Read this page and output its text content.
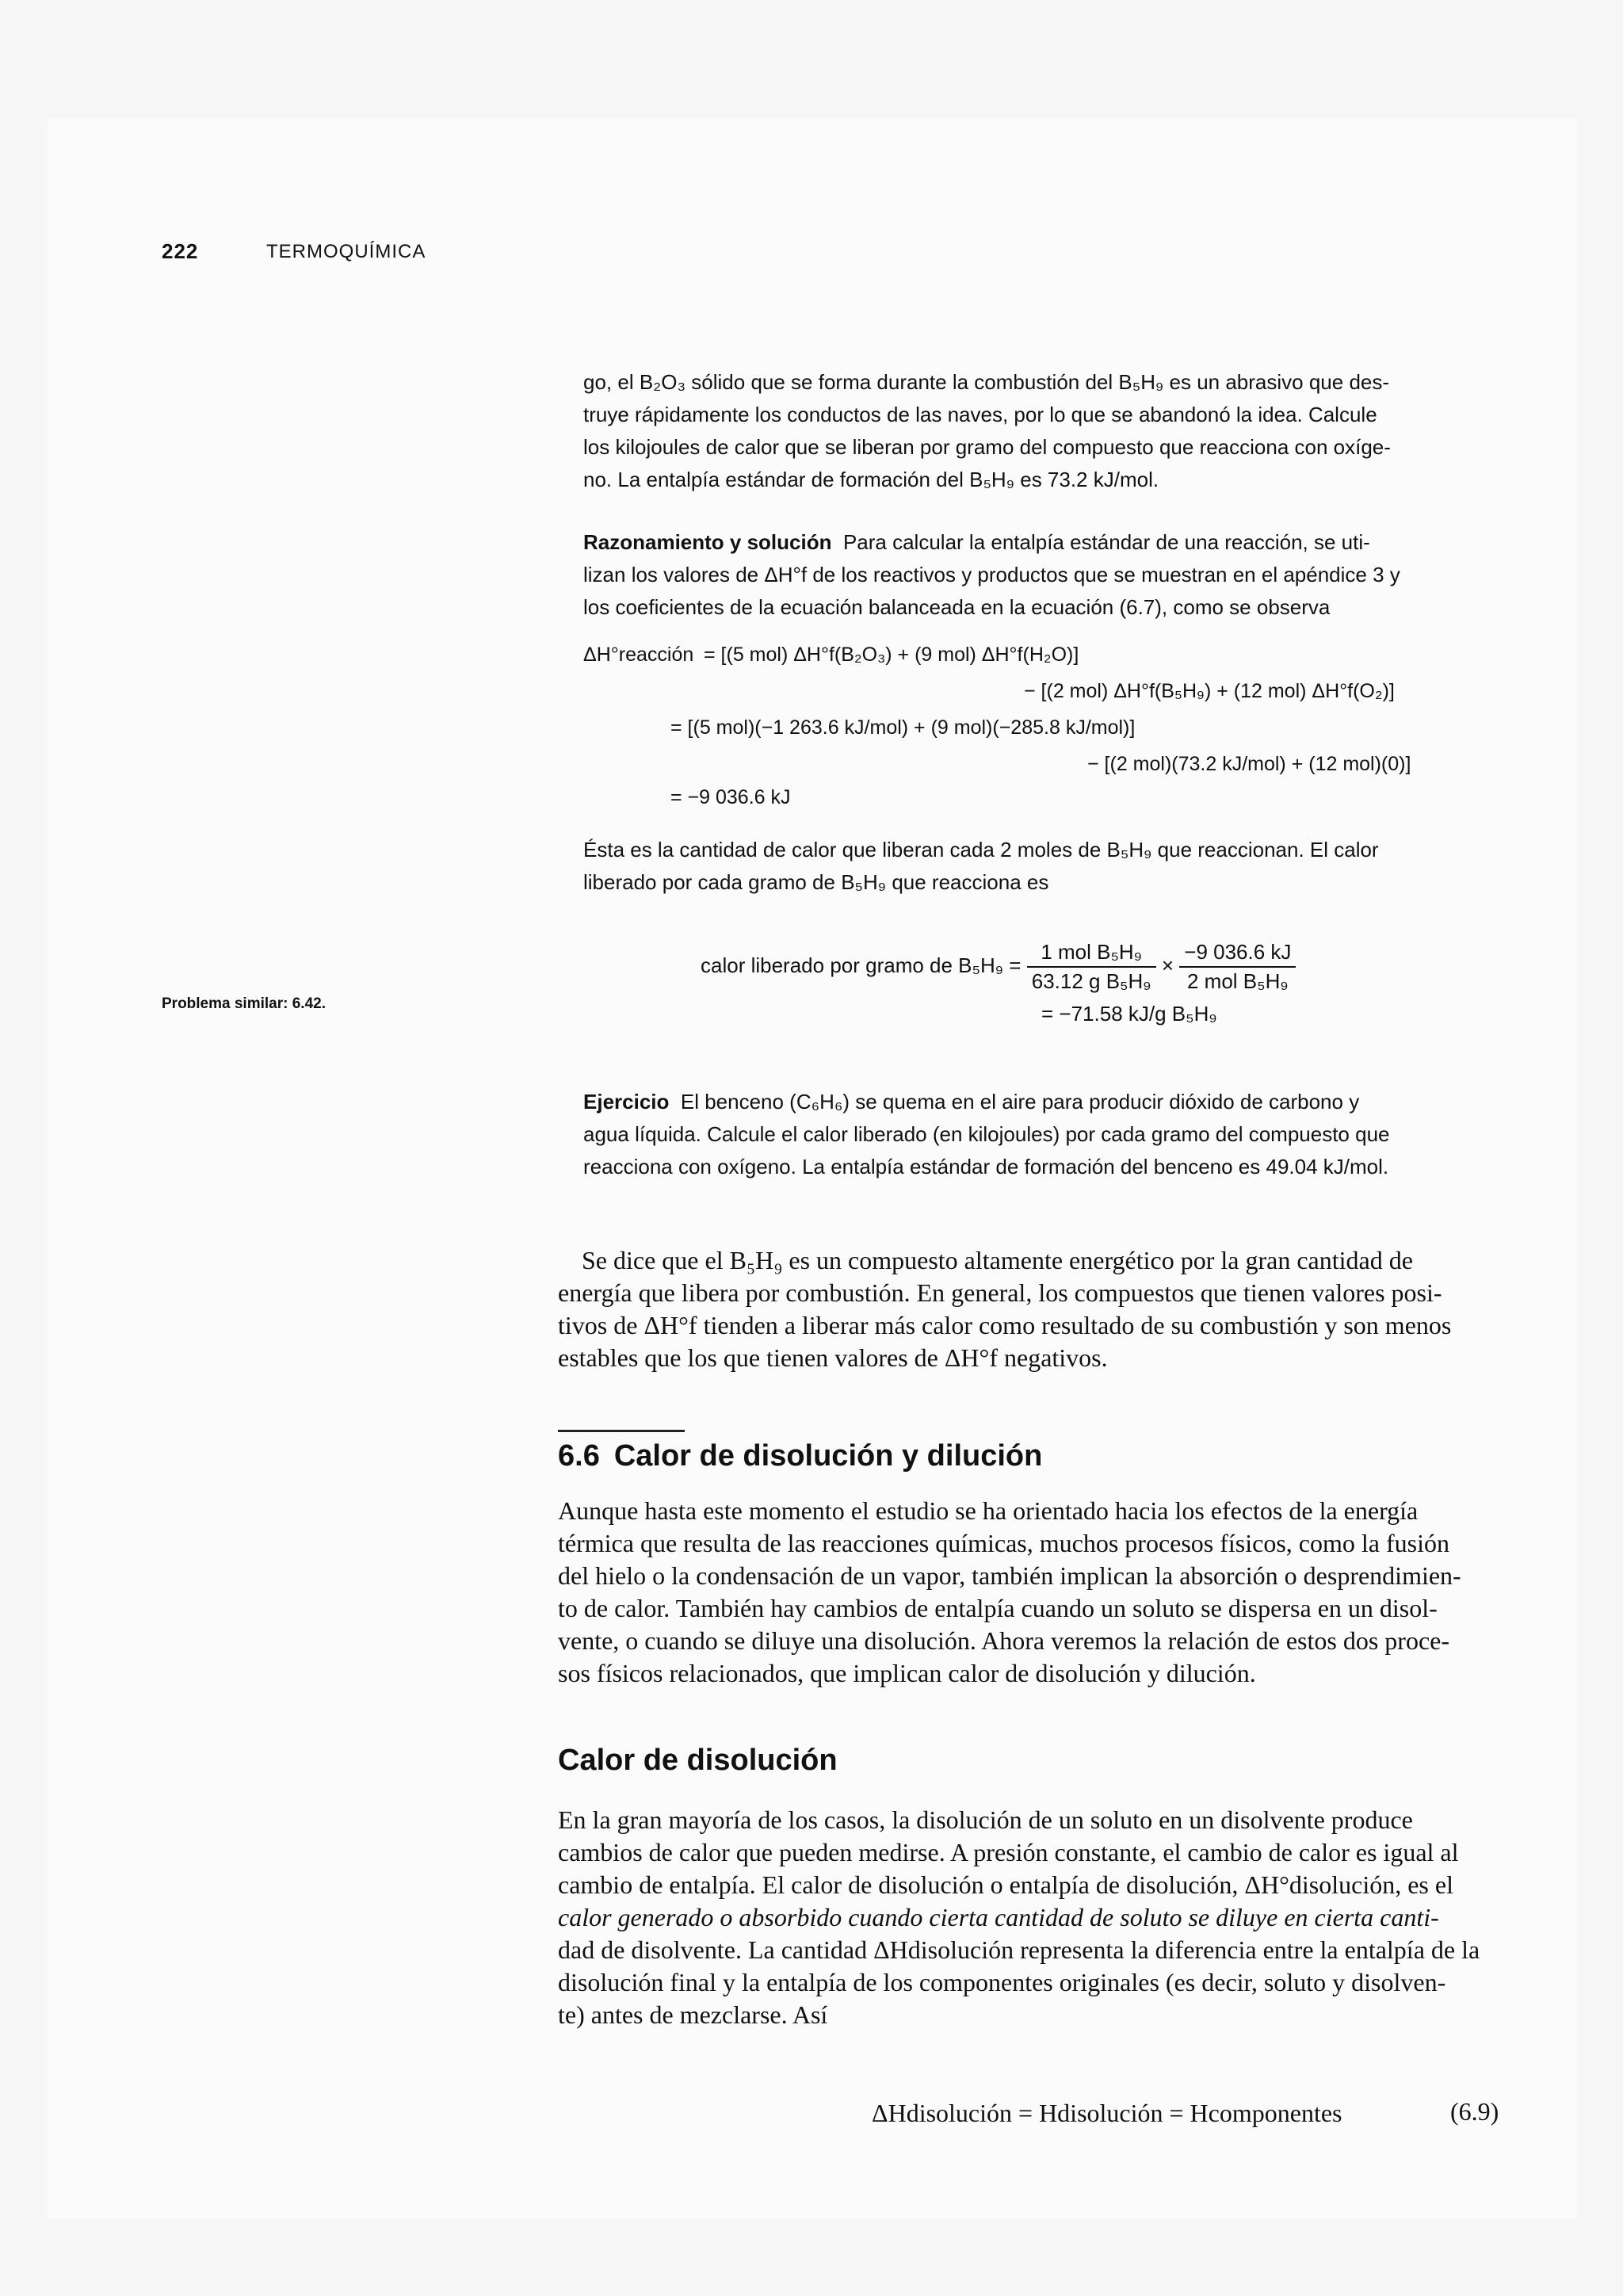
222	TERMOQUÍMICA
go, el B₂O₃ sólido que se forma durante la combustión del B₅H₉ es un abrasivo que des-
truye rápidamente los conductos de las naves, por lo que se abandonó la idea. Calcule
los kilojoules de calor que se liberan por gramo del compuesto que reacciona con oxíge-
no. La entalpía estándar de formación del B₅H₉ es 73.2 kJ/mol.
Razonamiento y solución Para calcular la entalpía estándar de una reacción, se uti-
lizan los valores de ΔH°f de los reactivos y productos que se muestran en el apéndice 3 y
los coeficientes de la ecuación balanceada en la ecuación (6.7), como se observa
ΔH°reacción = [(5 mol) ΔH°f(B₂O₃) + (9 mol) ΔH°f(H₂O)]
− [(2 mol) ΔH°f(B₅H₉) + (12 mol) ΔH°f(O₂)]
= [(5 mol)(−1 263.6 kJ/mol) + (9 mol)(−285.8 kJ/mol)]
− [(2 mol)(73.2 kJ/mol) + (12 mol)(0)]
= −9 036.6 kJ
Ésta es la cantidad de calor que liberan cada 2 moles de B₅H₉ que reaccionan. El calor
liberado por cada gramo de B₅H₉ que reacciona es
calor liberado por gramo de $B_5H_9 = \frac{\text{1 mol B₅H₉}}{\text{63.12 g B₅H₉}} \times \frac{-9 036.6 kJ}{\text{2 mol B₅H₉}}$
= −71.58 kJ/g B₅H₉
Problema similar: 6.42.
Ejercicio El benceno (C₆H₆) se quema en el aire para producir dióxido de carbono y
agua líquida. Calcule el calor liberado (en kilojoules) por cada gramo del compuesto que
reacciona con oxígeno. La entalpía estándar de formación del benceno es 49.04 kJ/mol.
Se dice que el B₅H₉ es un compuesto altamente energético por la gran cantidad de
energía que libera por combustión. En general, los compuestos que tienen valores posi-
tivos de ΔH°f tienden a liberar más calor como resultado de su combustión y son menos
estables que los que tienen valores de ΔH°f negativos.
6.6 Calor de disolución y dilución
Aunque hasta este momento el estudio se ha orientado hacia los efectos de la energía
térmica que resulta de las reacciones químicas, muchos procesos físicos, como la fusión
del hielo o la condensación de un vapor, también implican la absorción o desprendimien-
to de calor. También hay cambios de entalpía cuando un soluto se dispersa en un disol-
vente, o cuando se diluye una disolución. Ahora veremos la relación de estos dos proce-
sos físicos relacionados, que implican calor de disolución y dilución.
Calor de disolución
En la gran mayoría de los casos, la disolución de un soluto en un disolvente produce
cambios de calor que pueden medirse. A presión constante, el cambio de calor es igual al
cambio de entalpía. El calor de disolución o entalpía de disolución, ΔH°disolución, es el
calor generado o absorbido cuando cierta cantidad de soluto se diluye en cierta canti-
dad de disolvente. La cantidad ΔHdisolución representa la diferencia entre la entalpía de la
disolución final y la entalpía de los componentes originales (es decir, soluto y disolven-
te) antes de mezclarse. Así
ΔHdisolución = Hdisolución = Hcomponentes	(6.9)
